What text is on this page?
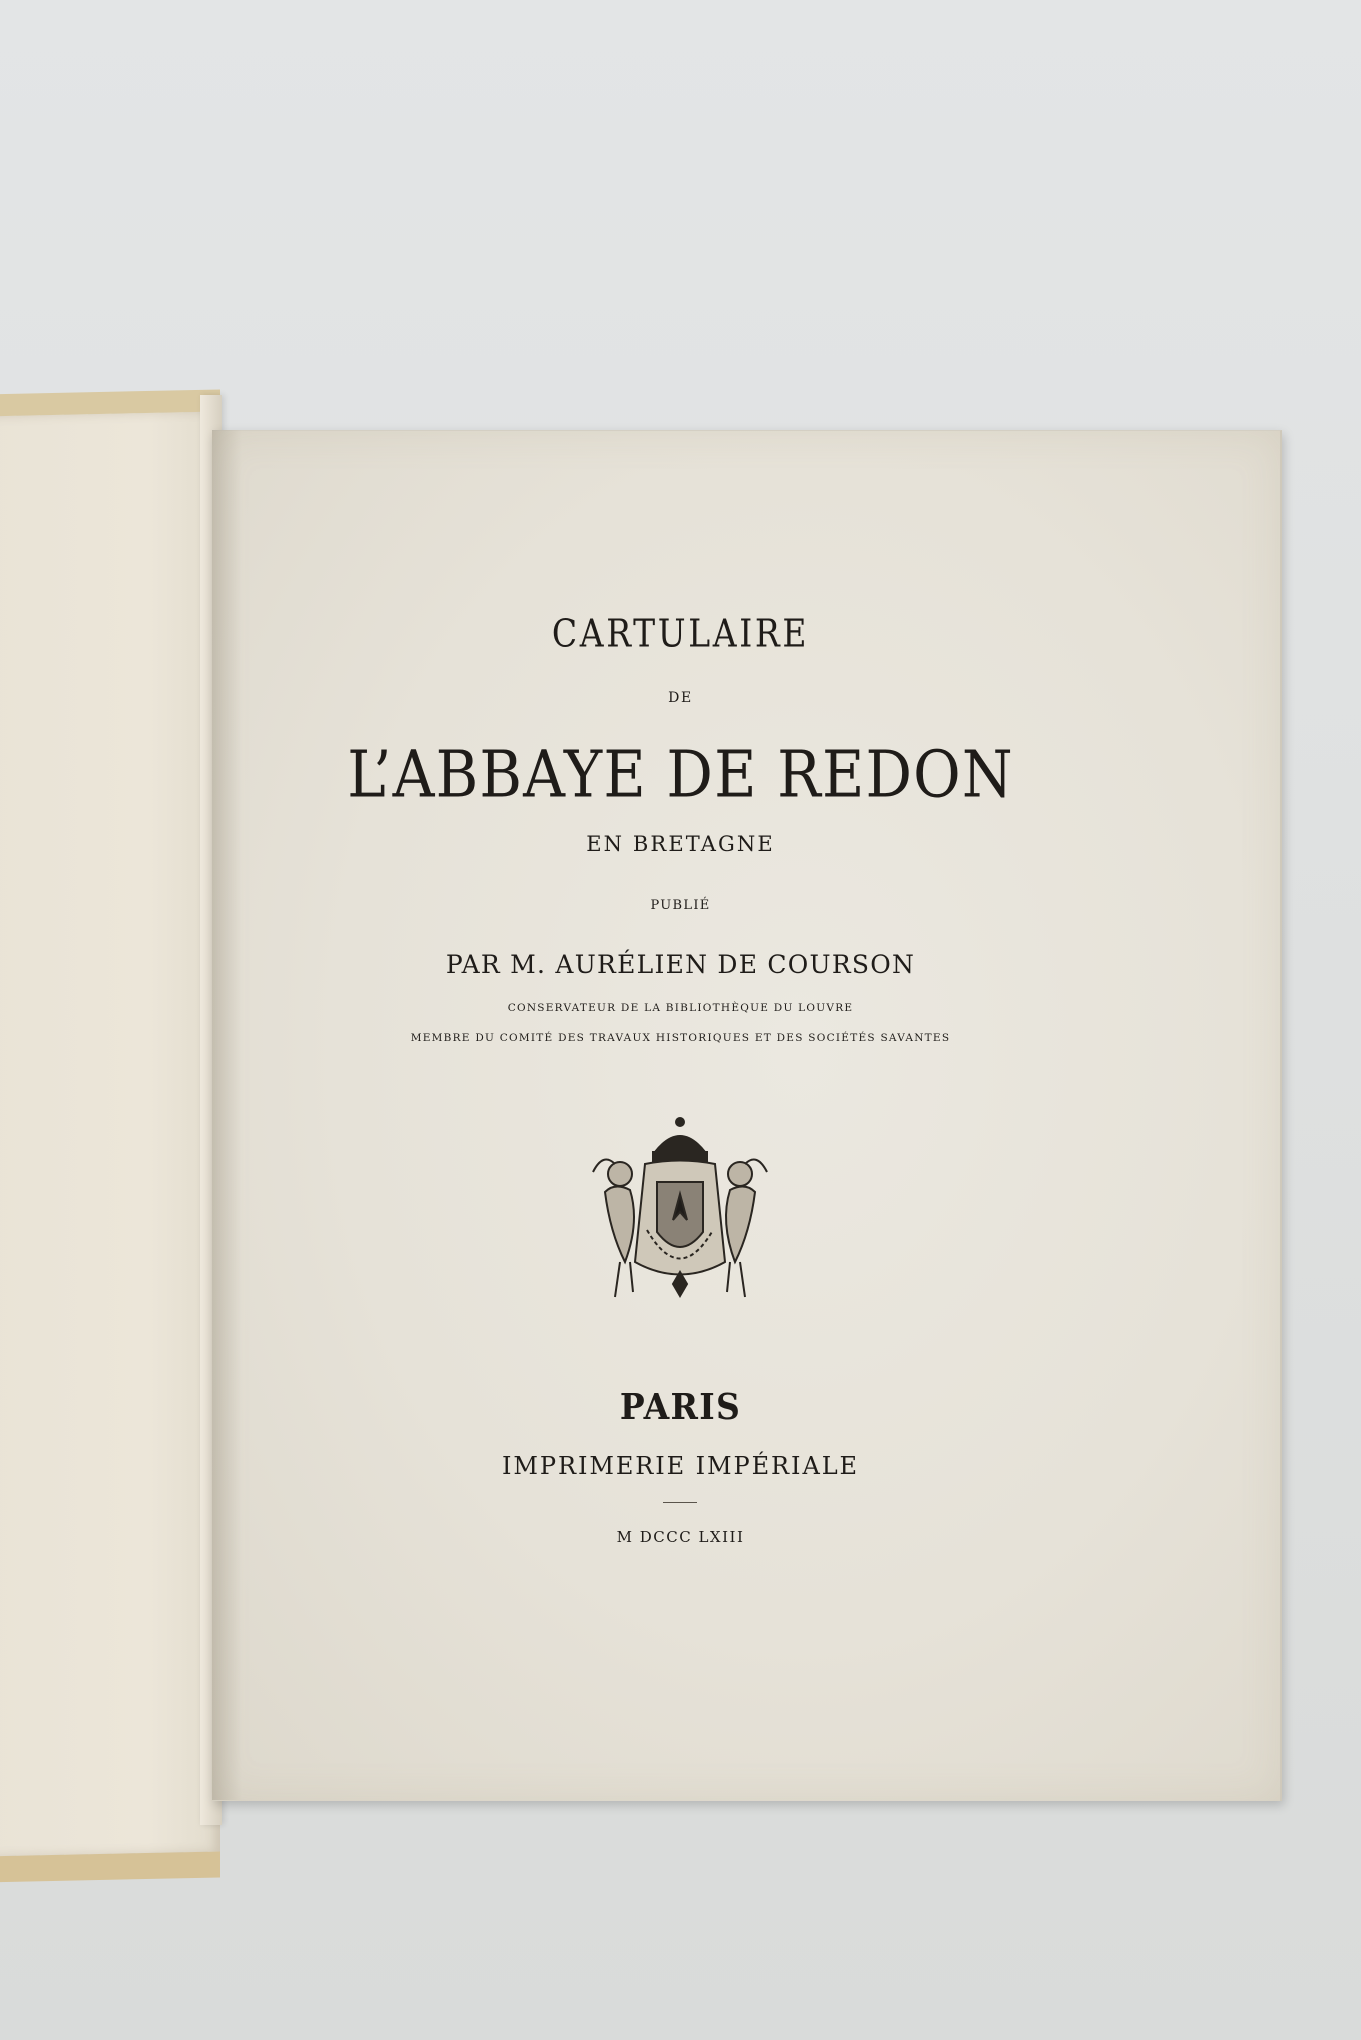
CARTULAIRE
DE
L’ABBAYE DE REDON
EN BRETAGNE
PUBLIÉ
PAR M. AURÉLIEN DE COURSON
CONSERVATEUR DE LA BIBLIOTHÈQUE DU LOUVRE
MEMBRE DU COMITÉ DES TRAVAUX HISTORIQUES ET DES SOCIÉTÉS SAVANTES
PARIS
IMPRIMERIE IMPÉRIALE
M DCCC LXIII
